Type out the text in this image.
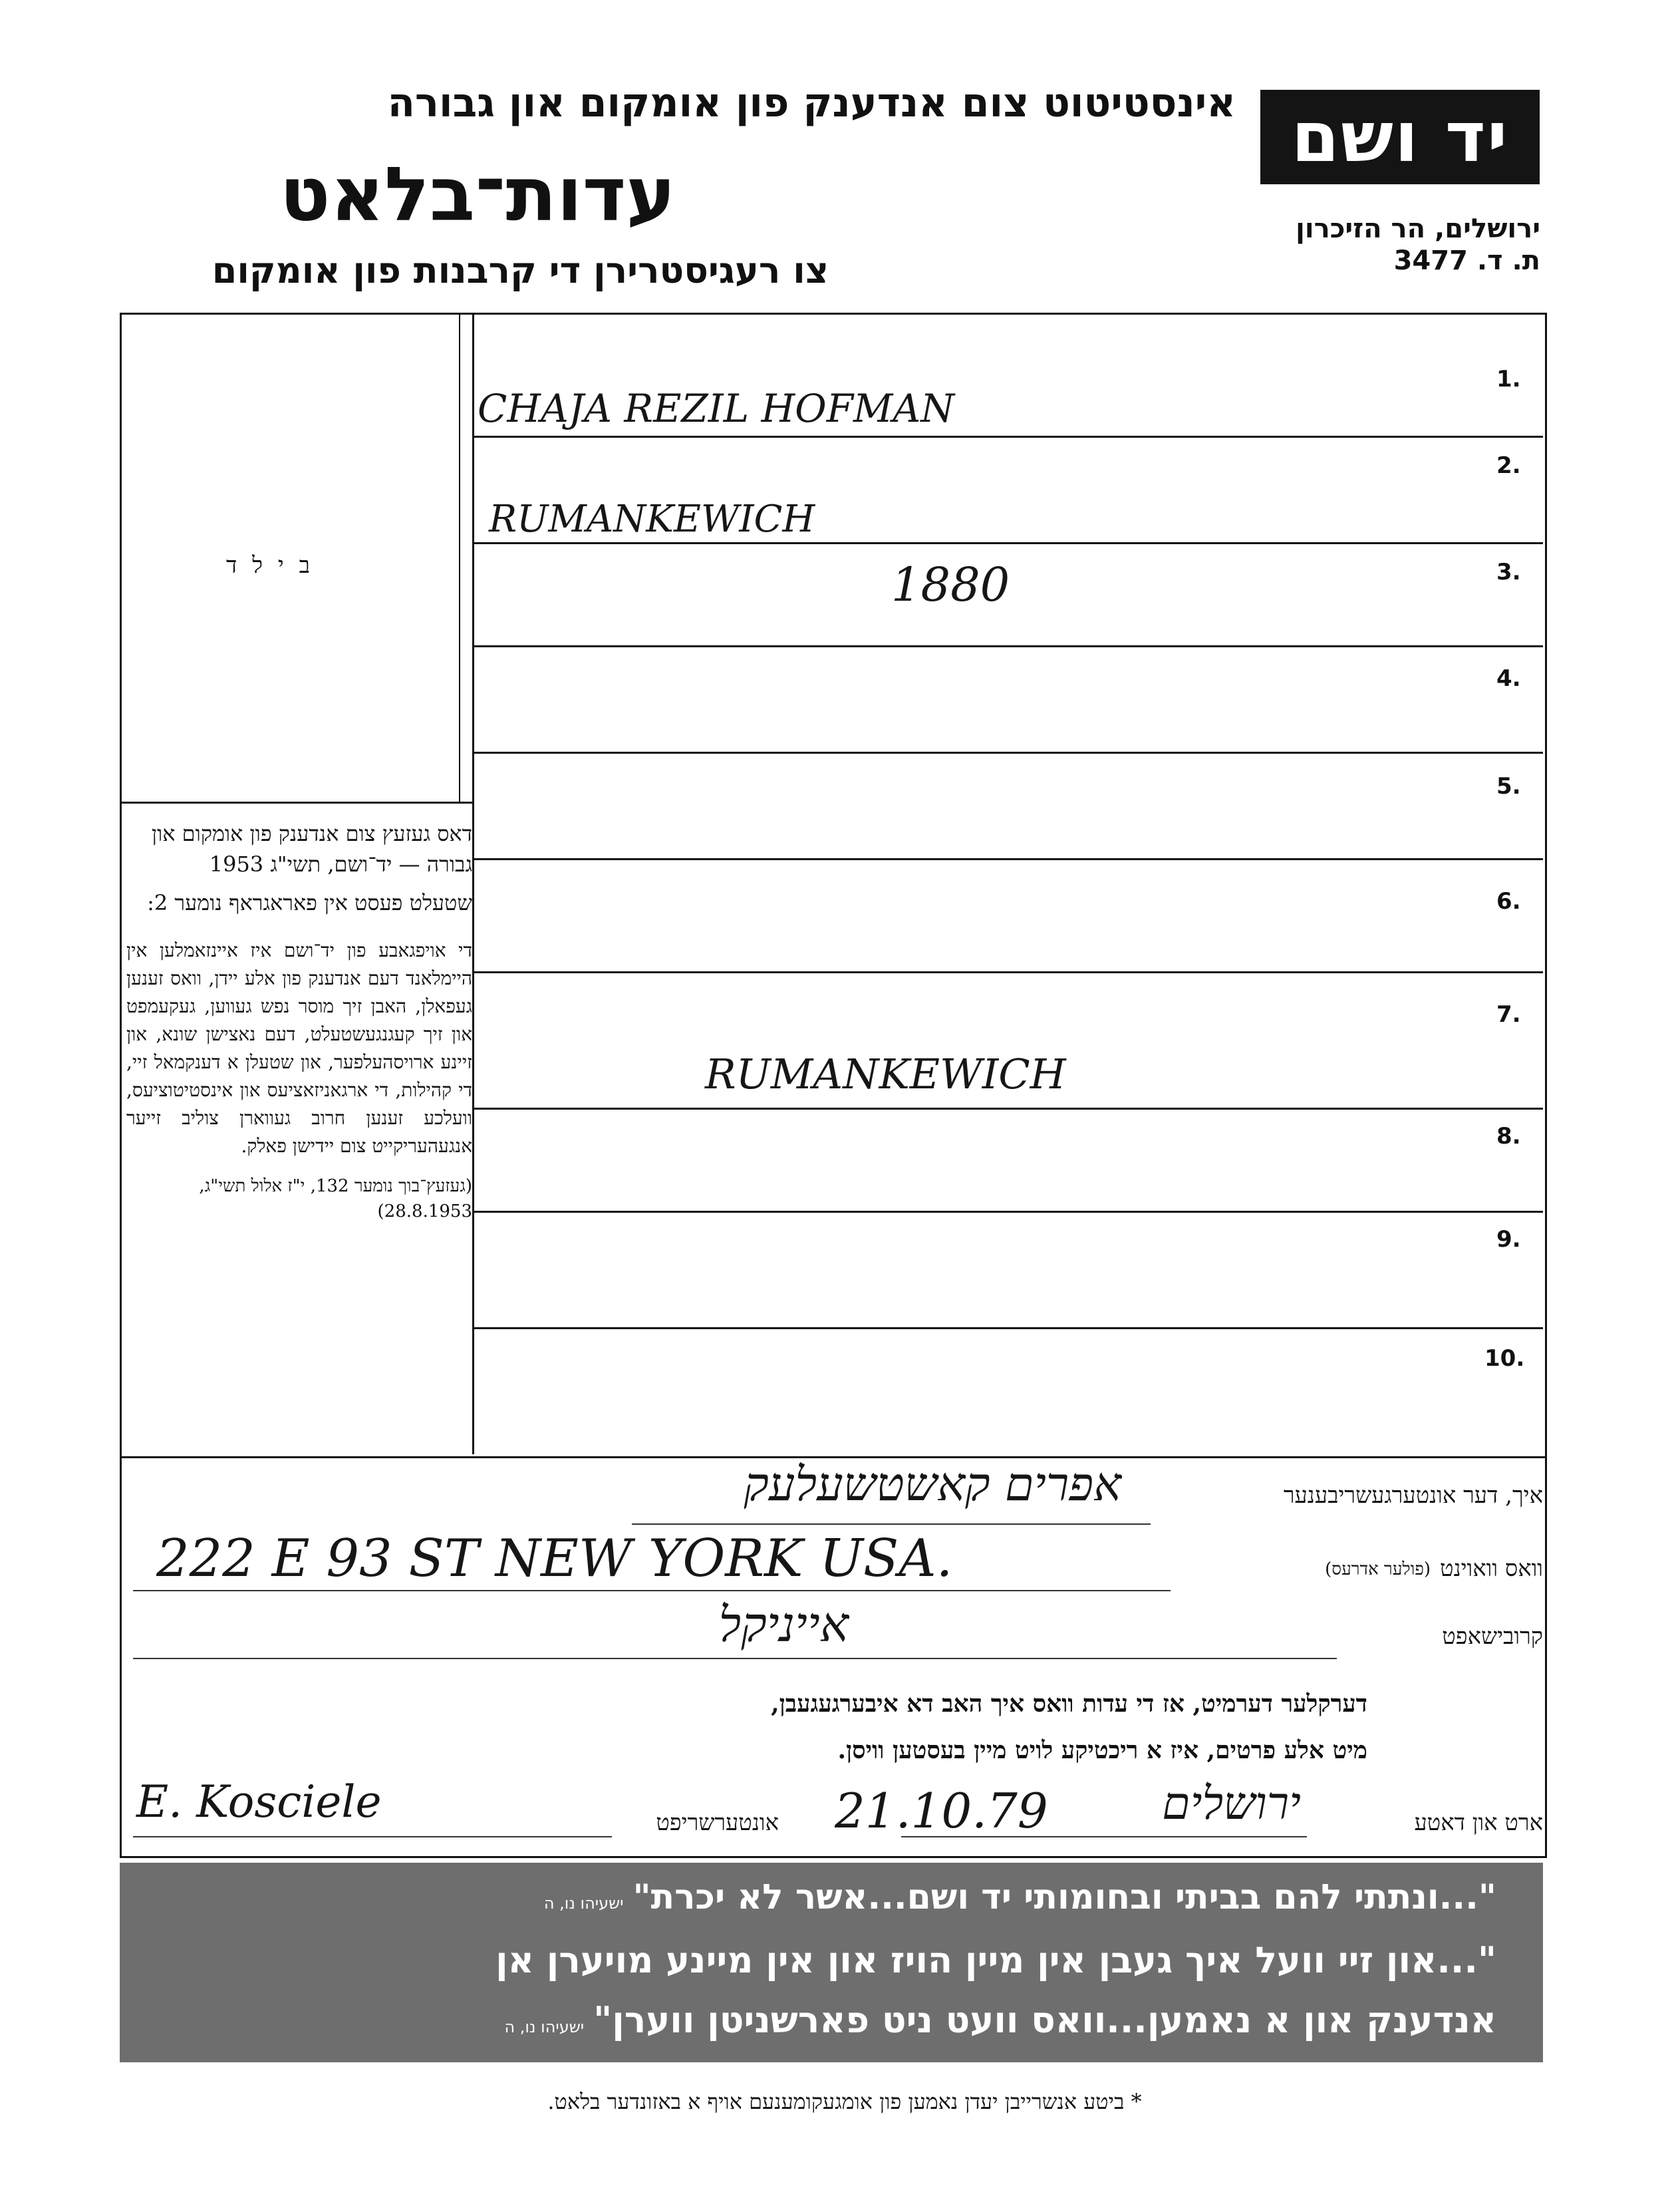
יד ושם
אינסטיטוט צום אנדענק פון אומקום און גבורה
עדות־בלאט
צו רעגיסטרירן די קרבנות פון אומקום
ירושלים, הר הזיכרון
ת. ד. 3477
ב י ל ד
1.
CHAJA REZIL HOFMAN
2.
RUMANKEWICH
3.
1880
4.
5.
6.
7.
RUMANKEWICH
8.
9.
10.
דאס געזעץ צום אנדענק פון אומקום און גבורה — יד־ושם, תשי"ג 1953
שטעלט פעסט אין פאראגראף נומער 2:
די אויפגאבע פון יד־ושם איז איינזאמלען אין היימלאנד דעם אנדענק פון אלע יידן, וואס זענען געפאלן, האבן זיך מוסר נפש געווען, געקעמפט און זיך קעגנגעשטעלט, דעם נאצישן שונא, און זיינע ארויסהעלפער, און שטעלן א דענקמאל זיי, די קהילות, די ארגאניזאציעס און אינסטיטוציעס, וועלכע זענען חרוב געווארן צוליב זייער אנגעהעריקייט צום יידישן פאלק.
(געזעץ־בוך נומער 132, י"ז אלול תשי"ג, 28.8.1953)
איך, דער אונטערגעשריבענער
אפרים קאשטשעלעק
וואס וואוינט
(פולער אדרעס)
222 E 93 ST NEW YORK USA.
קרובישאפט
אייניקל
דערקלער דערמיט, אז די עדות וואס איך האב דא איבערגעגעבן,
מיט אלע פרטים, איז א ריכטיקע לויט מיין בעסטען וויסן.
ארט און דאטע
ירושלים
21.10.79
אונטערשריפט
E. Kosciele
"...ונתתי להם בביתי ובחומותי יד ושם...אשר לא יכרת"ישעיהו נו, ה
"...און זיי וועל איך געבן אין מיין הויז און אין מיינע מויערן אן
אנדענק און א נאמען...וואס וועט ניט פארשניטן ווערן"ישעיהו נו, ה
* ביטע אנשרייבן יעדן נאמען פון אומגעקומענעם אויף א באזונדער בלאט.
